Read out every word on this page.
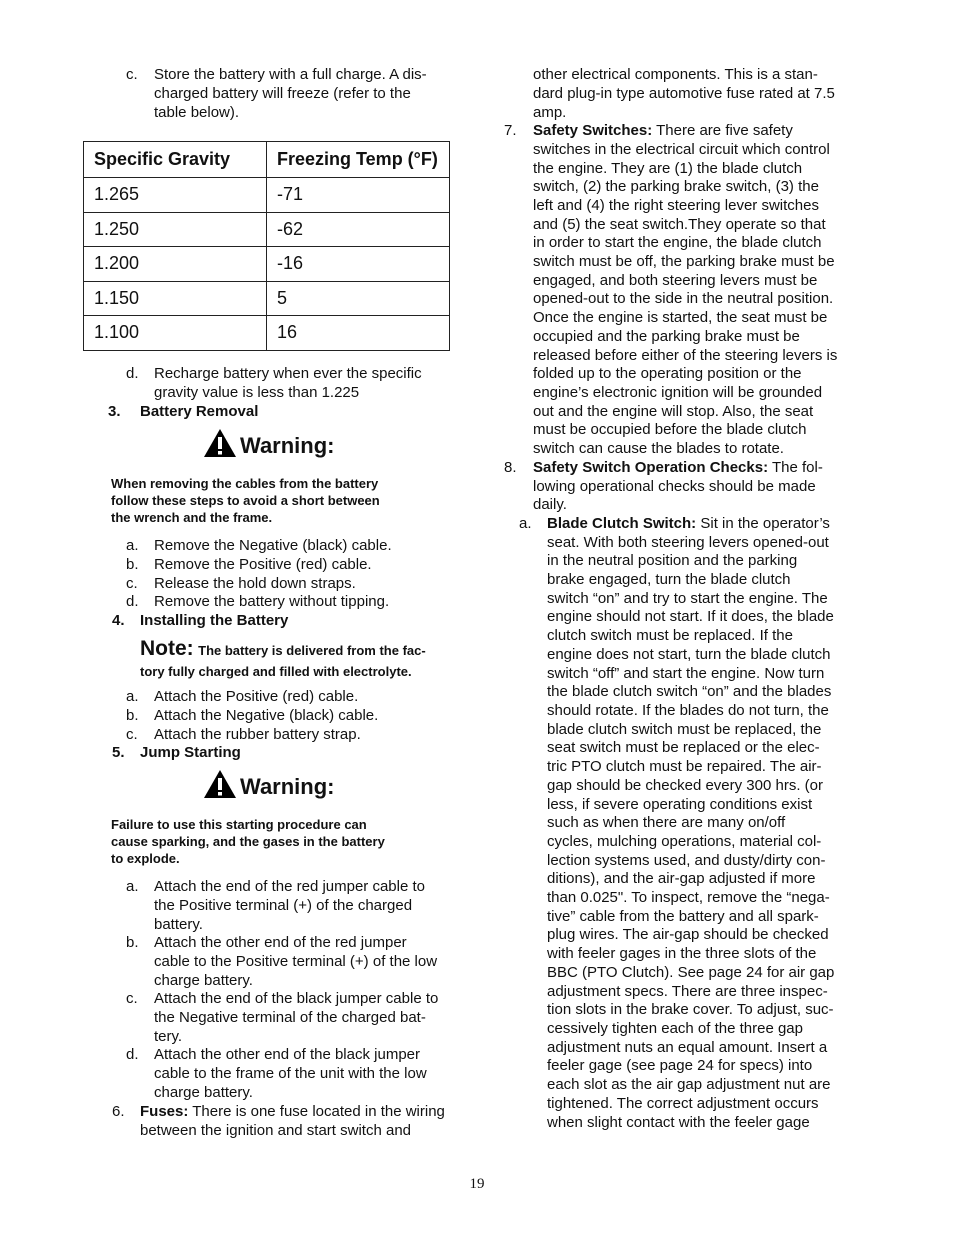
c. Store the battery with a full charge. A dis-
charged battery will freeze (refer to the
table below).
Specific Gravity	Freezing Temp (°F)
1.265	-71
1.250	-62
1.200	-16
1.150	5
1.100	16
d. Recharge battery when ever the specific
gravity value is less than 1.225
3. Battery Removal
Warning:
When removing the cables from the battery
follow these steps to avoid a short between
the wrench and the frame.
a. Remove the Negative (black) cable.
b. Remove the Positive (red) cable.
c. Release the hold down straps.
d. Remove the battery without tipping.
4. Installing the Battery
Note: The battery is delivered from the fac-
tory fully charged and filled with electrolyte.
a. Attach the Positive (red) cable.
b. Attach the Negative (black) cable.
c. Attach the rubber battery strap.
5. Jump Starting
Warning:
Failure to use this starting procedure can
cause sparking, and the gases in the battery
to explode.
a. Attach the end of the red jumper cable to
the Positive terminal (+) of the charged
battery.
b. Attach the other end of the red jumper
cable to the Positive terminal (+) of the low
charge battery.
c. Attach the end of the black jumper cable to
the Negative terminal of the charged bat-
tery.
d. Attach the other end of the black jumper
cable to the frame of the unit with the low
charge battery.
6. Fuses: There is one fuse located in the wiring
between the ignition and start switch and
other electrical components. This is a stan-
dard plug-in type automotive fuse rated at 7.5
amp.
7. Safety Switches: There are five safety
switches in the electrical circuit which control
the engine. They are (1) the blade clutch
switch, (2) the parking brake switch, (3) the
left and (4) the right steering lever switches
and (5) the seat switch.They operate so that
in order to start the engine, the blade clutch
switch must be off, the parking brake must be
engaged, and both steering levers must be
opened-out to the side in the neutral position.
Once the engine is started, the seat must be
occupied and the parking brake must be
released before either of the steering levers is
folded up to the operating position or the
engine’s electronic ignition will be grounded
out and the engine will stop. Also, the seat
must be occupied before the blade clutch
switch can cause the blades to rotate.
8. Safety Switch Operation Checks: The fol-
lowing operational checks should be made
daily.
a. Blade Clutch Switch: Sit in the operator’s
seat. With both steering levers opened-out
in the neutral position and the parking
brake engaged, turn the blade clutch
switch “on” and try to start the engine. The
engine should not start. If it does, the blade
clutch switch must be replaced. If the
engine does not start, turn the blade clutch
switch “off” and start the engine. Now turn
the blade clutch switch “on” and the blades
should rotate. If the blades do not turn, the
blade clutch switch must be replaced, the
seat switch must be replaced or the elec-
tric PTO clutch must be repaired. The air-
gap should be checked every 300 hrs. (or
less, if severe operating conditions exist
such as when there are many on/off
cycles, mulching operations, material col-
lection systems used, and dusty/dirty con-
ditions), and the air-gap adjusted if more
than 0.025". To inspect, remove the “nega-
tive” cable from the battery and all spark-
plug wires. The air-gap should be checked
with feeler gages in the three slots of the
BBC (PTO Clutch). See page 24 for air gap
adjustment specs. There are three inspec-
tion slots in the brake cover. To adjust, suc-
cessively tighten each of the three gap
adjustment nuts an equal amount. Insert a
feeler gage (see page 24 for specs) into
each slot as the air gap adjustment nut are
tightened. The correct adjustment occurs
when slight contact with the feeler gage
19
